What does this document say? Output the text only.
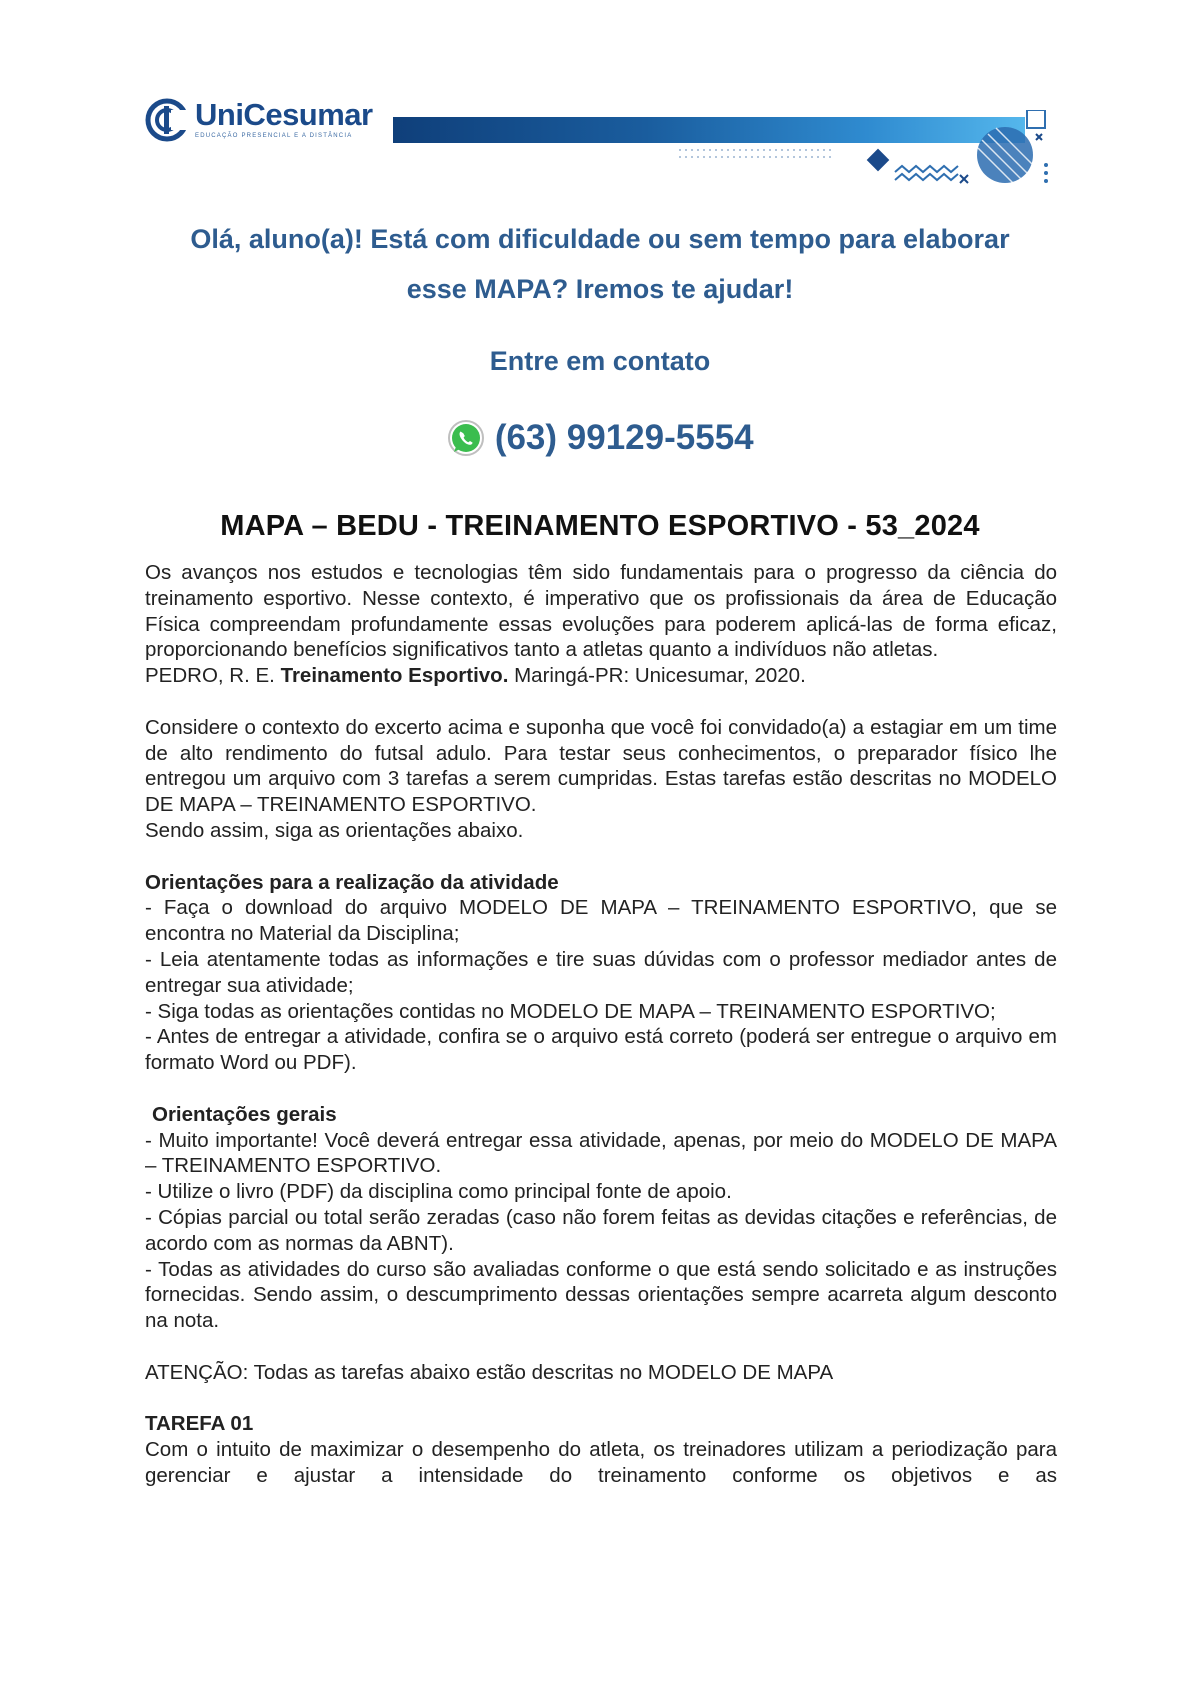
UniCesumar
EDUCAÇÃO PRESENCIAL E A DISTÂNCIA
Olá, aluno(a)! Está com dificuldade ou sem tempo para elaborar
esse MAPA? Iremos te ajudar!
Entre em contato
(63) 99129-5554
MAPA – BEDU - TREINAMENTO ESPORTIVO - 53_2024

Os avanços nos estudos e tecnologias têm sido fundamentais para o progresso da ciência do treinamento esportivo. Nesse contexto, é imperativo que os profissionais da área de Educação Física compreendam profundamente essas evoluções para poderem aplicá-las de forma eficaz, proporcionando benefícios significativos tanto a atletas quanto a indivíduos não atletas.

PEDRO, R. E. Treinamento Esportivo. Maringá-PR: Unicesumar, 2020.

Considere o contexto do excerto acima e suponha que você foi convidado(a) a estagiar em um time de alto rendimento do futsal adulo. Para testar seus conhecimentos, o preparador físico lhe entregou um arquivo com 3 tarefas a serem cumpridas. Estas tarefas estão descritas no MODELO DE MAPA – TREINAMENTO ESPORTIVO.

Sendo assim, siga as orientações abaixo.

Orientações para a realização da atividade

- Faça o download do arquivo MODELO DE MAPA – TREINAMENTO ESPORTIVO, que se encontra no Material da Disciplina;

- Leia atentamente todas as informações e tire suas dúvidas com o professor mediador antes de entregar sua atividade;

- Siga todas as orientações contidas no MODELO DE MAPA – TREINAMENTO ESPORTIVO;

- Antes de entregar a atividade, confira se o arquivo está correto (poderá ser entregue o arquivo em formato Word ou PDF).

Orientações gerais

- Muito importante! Você deverá entregar essa atividade, apenas, por meio do MODELO DE MAPA – TREINAMENTO ESPORTIVO.

- Utilize o livro (PDF) da disciplina como principal fonte de apoio.

- Cópias parcial ou total serão zeradas (caso não forem feitas as devidas citações e referências, de acordo com as normas da ABNT).

- Todas as atividades do curso são avaliadas conforme o que está sendo solicitado e as instruções fornecidas. Sendo assim, o descumprimento dessas orientações sempre acarreta algum desconto na nota.

ATENÇÃO: Todas as tarefas abaixo estão descritas no MODELO DE MAPA

TAREFA 01

Com o intuito de maximizar o desempenho do atleta, os treinadores utilizam a periodização para gerenciar e ajustar a intensidade do treinamento conforme os objetivos e as
